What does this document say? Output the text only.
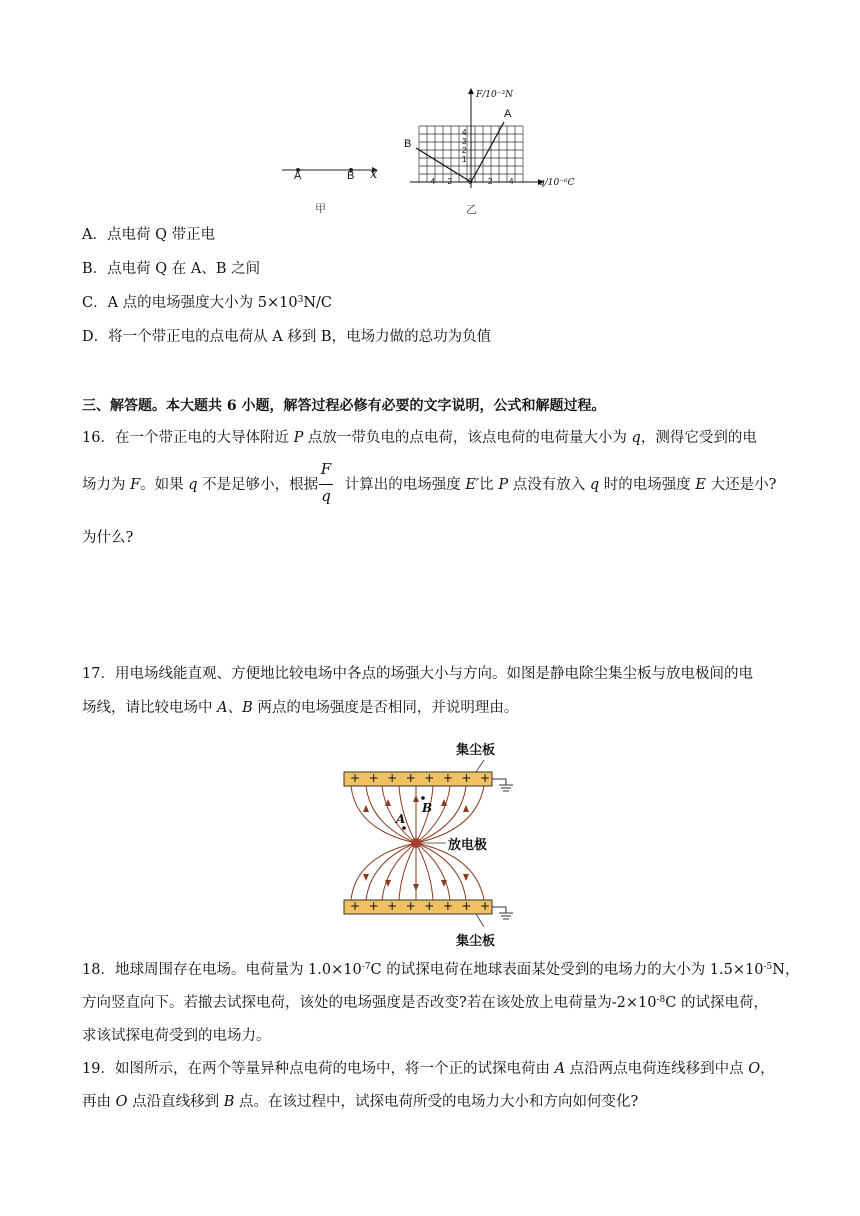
A	B x
甲
F/10⁻³N
A
B
4
3
2
1
-4 -2 0 2 4	q/10⁻⁶C
乙
A．点电荷 Q 带正电
B．点电荷 Q 在 A、B 之间
C．A 点的电场强度大小为 $5\times 10^3N/C$
D．将一个带正电的点电荷从 A 移到 B，电场力做的总功为负值
三、解答题。本大题共 6 小题，解答过程必修有必要的文字说明，公式和解题过程。
16．在一个带正电的大导体附近 P 点放一带负电的点电荷，该点电荷的电荷量大小为 q，测得它受到的电
场力为 F。如果 q 不是足够小，根据 计算出的电场强度 E′比 P 点没有放入 q 时的电场强度 E 大还是小?
F
q
为什么?
17．用电场线能直观、方便地比较电场中各点的场强大小与方向。如图是静电除尘集尘板与放电极间的电
场线，请比较电场中 A、B 两点的电场强度是否相同，并说明理由。
+ + + + + + + +
+ + + + + + + +
集尘板
集尘板
放电极
A
B
18．地球周围存在电场。电荷量为 $1.0\times 10^{-7}C$ 的试探电荷在地球表面某处受到的电场力的大小为 $1.5\times 10^{-5}N$，
方向竖直向下。若撤去试探电荷，该处的电场强度是否改变?若在该处放上电荷量为$-2\times 10^{-8}C$ 的试探电荷，
求该试探电荷受到的电场力。
19．如图所示，在两个等量异种点电荷的电场中，将一个正的试探电荷由 A 点沿两点电荷连线移到中点 O，
再由 O 点沿直线移到 B 点。在该过程中，试探电荷所受的电场力大小和方向如何变化?
